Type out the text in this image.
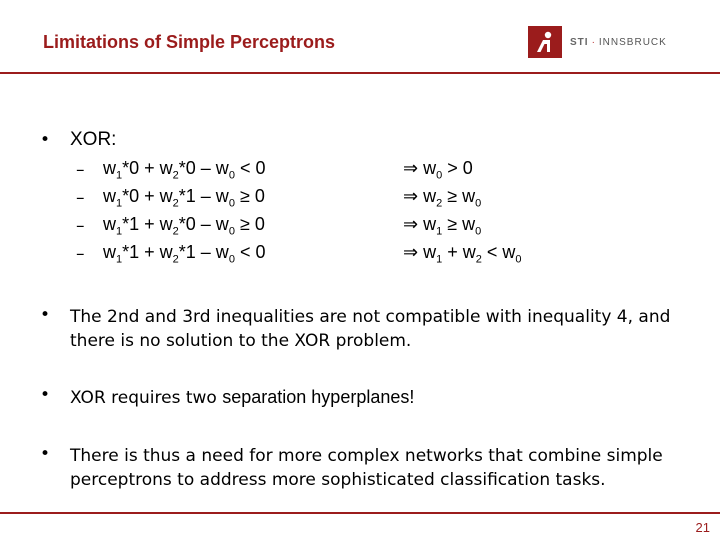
Limitations of Simple Perceptrons	STI · INNSBRUCK
• XOR:
– $w_1*0 + w_2*0 - w_0 < 0$	⇒ $w_0 > 0$
– $w_1*0 + w_2*1 - w_0 \ge 0$	⇒ $w_2 \ge w_0$
– $w_1*1 + w_2*0 - w_0 \ge 0$	⇒ $w_1 \ge w_0$
– $w_1*1 + w_2*1 - w_0 < 0$	⇒ $w_1 + w_2 < w_0$
• The 2nd and 3rd inequalities are not compatible with inequality 4, and
there is no solution to the XOR problem.
• XOR requires two separation hyperplanes!
• There is thus a need for more complex networks that combine simple
perceptrons to address more sophisticated classification tasks.
21
